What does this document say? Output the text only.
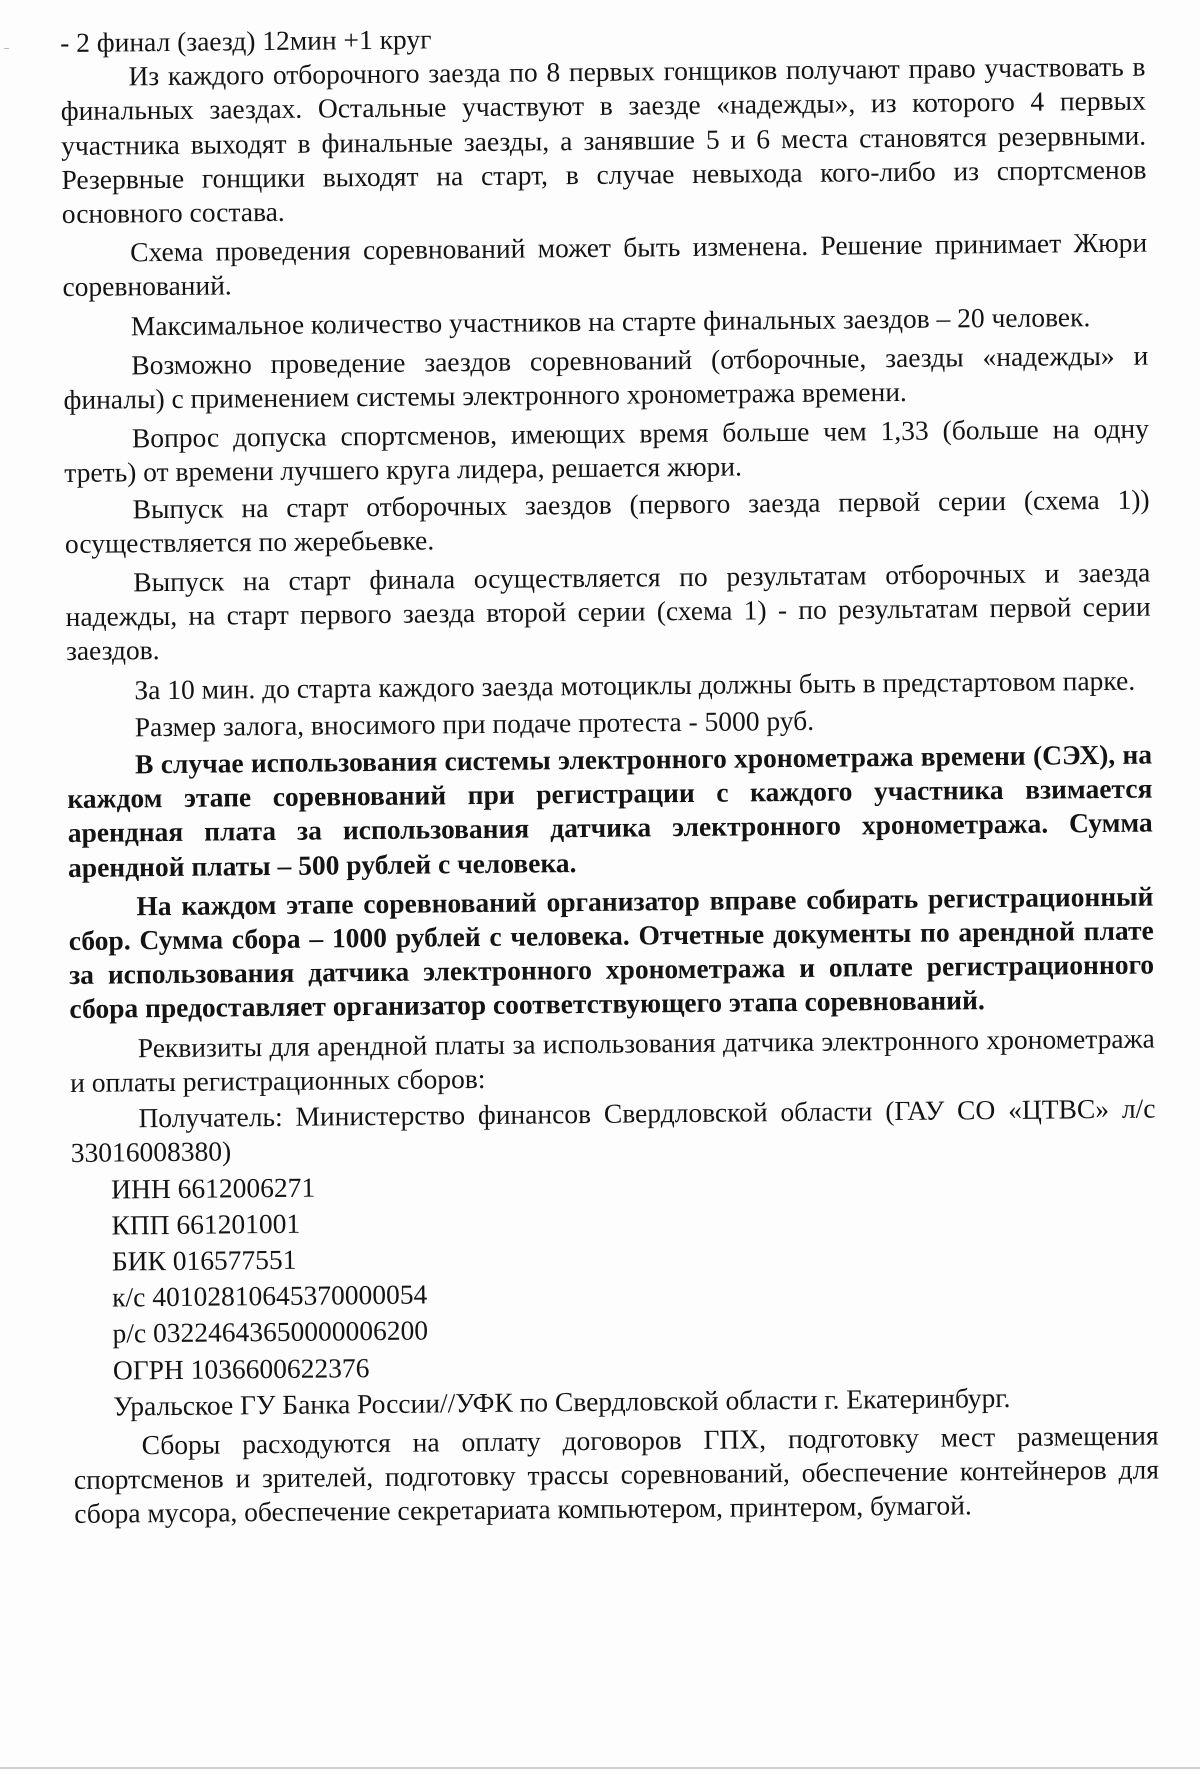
- 2 финал (заезд) 12мин +1 круг

Из каждого отборочного заезда по 8 первых гонщиков получают право участвовать в финальных заездах. Остальные участвуют в заезде «надежды», из которого 4 первых участника выходят в финальные заезды, а занявшие 5 и 6 места становятся резервными. Резервные гонщики выходят на старт, в случае невыхода кого-либо из спортсменов основного состава.

Схема проведения соревнований может быть изменена. Решение принимает Жюри соревнований.

Максимальное количество участников на старте финальных заездов – 20 человек.

Возможно проведение заездов соревнований (отборочные, заезды «надежды» и финалы) с применением системы электронного хронометража времени.

Вопрос допуска спортсменов, имеющих время больше чем 1,33 (больше на одну треть) от времени лучшего круга лидера, решается жюри.

Выпуск на старт отборочных заездов (первого заезда первой серии (схема 1)) осуществляется по жеребьевке.

Выпуск на старт финала осуществляется по результатам отборочных и заезда надежды, на старт первого заезда второй серии (схема 1) - по результатам первой серии заездов.

За 10 мин. до старта каждого заезда мотоциклы должны быть в предстартовом парке.

Размер залога, вносимого при подаче протеста - 5000 руб.

В случае использования системы электронного хронометража времени (СЭХ), на каждом этапе соревнований при регистрации с каждого участника взимается арендная плата за использования датчика электронного хронометража. Сумма арендной платы – 500 рублей с человека.

На каждом этапе соревнований организатор вправе собирать регистрационный сбор. Сумма сбора – 1000 рублей с человека. Отчетные документы по арендной плате за использования датчика электронного хронометража и оплате регистрационного сбора предоставляет организатор соответствующего этапа соревнований.

Реквизиты для арендной платы за использования датчика электронного хронометража и оплаты регистрационных сборов:

Получатель: Министерство финансов Свердловской области (ГАУ СО «ЦТВС» л/с 33016008380)

ИНН 6612006271

КПП 661201001

БИК 016577551

к/с 40102810645370000054

р/с 03224643650000006200

ОГРН 1036600622376

Уральское ГУ Банка России//УФК по Свердловской области г. Екатеринбург.

Сборы расходуются на оплату договоров ГПХ, подготовку мест размещения спортсменов и зрителей, подготовку трассы соревнований, обеспечение контейнеров для сбора мусора, обеспечение секретариата компьютером, принтером, бумагой.
